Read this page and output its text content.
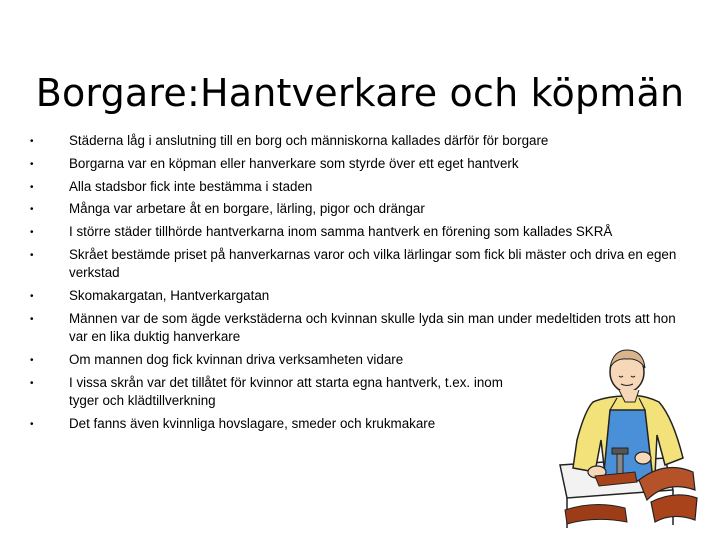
Borgare:Hantverkare och köpmän
•	Städerna låg i anslutning till en borg och människorna kallades därför för borgare
•	Borgarna var en köpman eller hanverkare som styrde över ett eget hantverk
•	Alla stadsbor fick inte bestämma i staden
•	Många var arbetare åt en borgare, lärling, pigor och drängar
•	I större städer tillhörde hantverkarna inom samma hantverk en förening som kallades SKRÅ
•	Skrået bestämde priset på hanverkarnas varor och vilka lärlingar som fick bli mäster och driva en egen verkstad
•	Skomakargatan, Hantverkargatan
•	Männen var de som ägde verkstäderna och kvinnan skulle lyda sin man under medeltiden trots att hon var en lika duktig hanverkare
•	Om mannen dog fick kvinnan driva verksamheten vidare
•	I vissa skrån var det tillåtet för kvinnor att starta egna hantverk, t.ex. inom tyger och klädtillverkning
•	Det fanns även kvinnliga hovslagare, smeder och krukmakare
